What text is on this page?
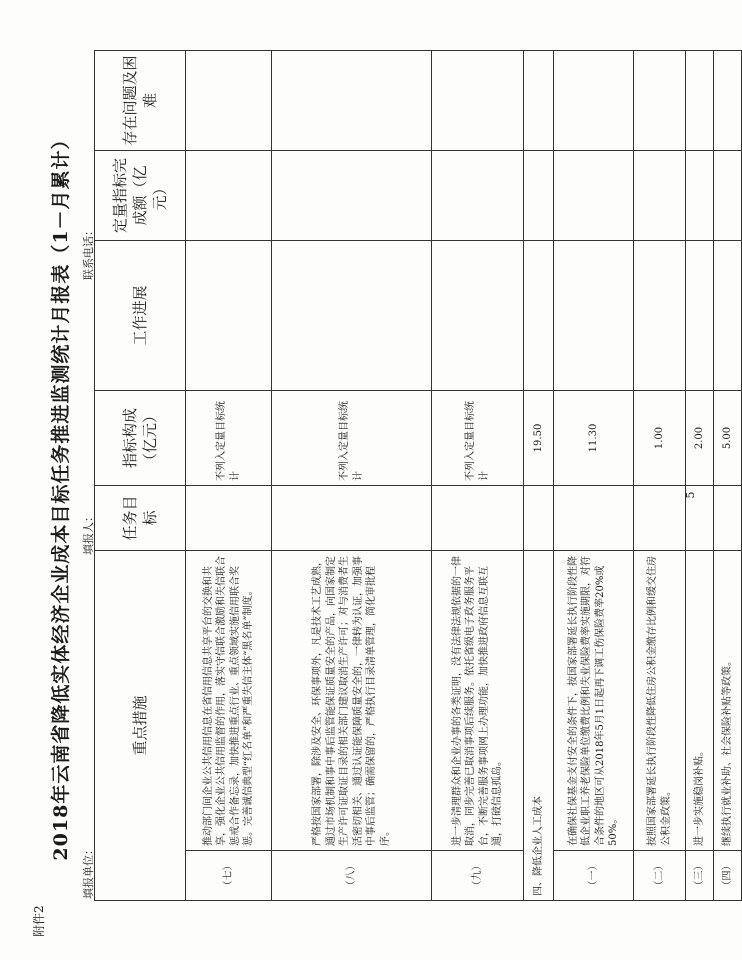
附件2
2018年云南省降低实体经济企业成本目标任务推进监测统计月报表（1－月累计）
填报单位：
填报人：
联系电话：
重点措施		任务目标	指标构成（亿元）	工作进展	定量指标完成额（亿元）	存在问题及困难
（七）	推动部门间企业公共信用信息在省信用信息共享平台的交换和共享，强化企业公共信用监督的作用，落实守信联合激励和失信联合惩戒合作备忘录，加快推进重点行业、重点领域实施信用联合奖惩。完善诚信典型“红名单”和严重失信主体“黑名单”制度。		不列入定量目标统计			
（八）	严格按国家部署，除涉及安全、环保事项外，凡是技术工艺成熟，通过市场机制和事中事后监管能保证质量安全的产品，向国家制定生产许可证取证目录的相关部门建议取消生产许可；对与消费者生活密切相关、通过认证能保障质量安全的，一律转为认证，加强事中事后监管；确需保留的，严格执行目录清单管理，简化审批程序。		不列入定量目标统计			
（九）	进一步清理群众和企业办事的各类证明，没有法律法规依据的一律取消，同步完善已取消事项后续服务。依托省级电子政务服务平台，不断完善服务事项网上办理功能，加快推进政府信息互联互通，打破信息孤岛。		不列入定量目标统计			
四、降低企业人工成本			19.50			
（一）	在确保社保基金支付安全的条件下，按国家部署延长执行阶段性降低企业职工养老保险单位缴费比例和失业保险费率实施期限，对符合条件的地区可从2018年5月1日起再下调工伤保险费率20%或50%。		11.30			
（二）	按照国家部署延长执行阶段性降低住房公积金缴存比例和缓交住房公积金政策。		1.00			
（三）	进一步实施稳岗补贴。		2.00			
（四）	继续执行就业补助、社会保险补贴等政策。		5.00			
5
